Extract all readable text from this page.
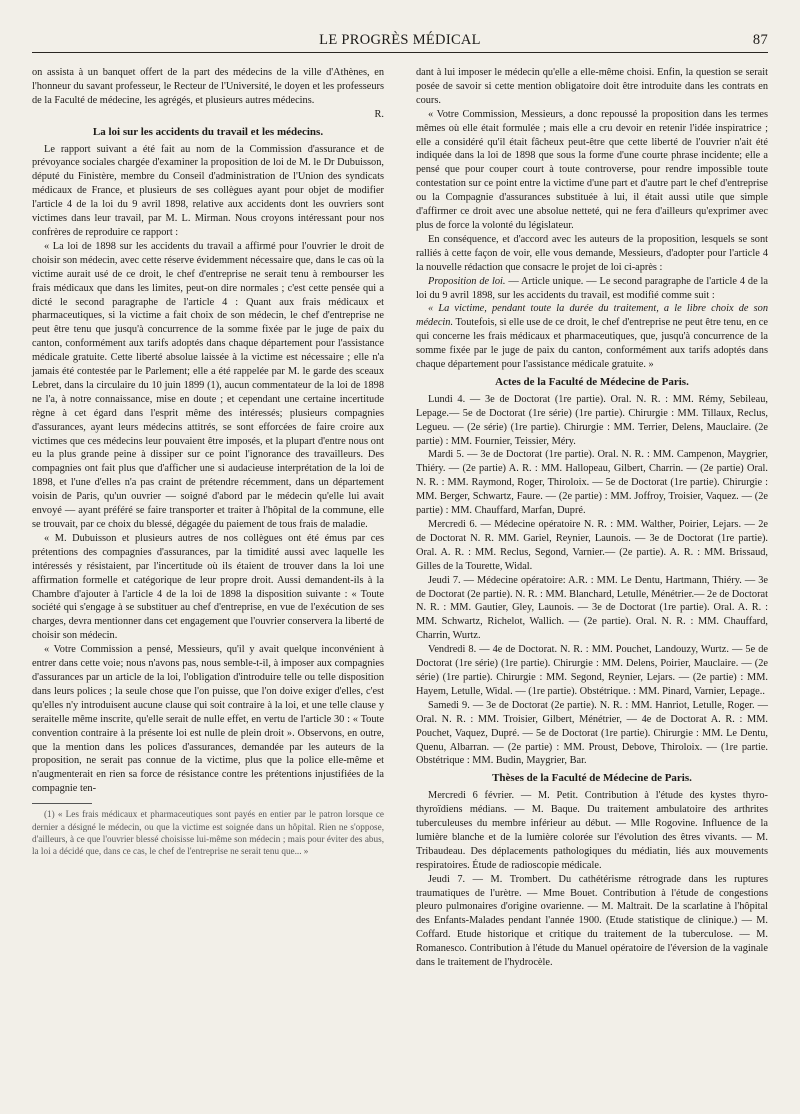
LE PROGRÈS MÉDICAL	87

on assista à un banquet offert de la part des médecins de la ville d'Athènes, en l'honneur du savant professeur, le Recteur de l'Université, le doyen et les professeurs de la Faculté de médecine, les agrégés, et plusieurs autres médecins.

R.

La loi sur les accidents du travail et les médecins.

Le rapport suivant a été fait au nom de la Commission d'assurance et de prévoyance sociales chargée d'examiner la proposition de loi de M. le Dr Dubuisson, député du Finistère, membre du Conseil d'administration de l'Union des syndicats médicaux de France, et plusieurs de ses collègues ayant pour objet de modifier l'article 4 de la loi du 9 avril 1898, relative aux accidents dont les ouvriers sont victimes dans leur travail, par M. L. Mirman. Nous croyons intéressant pour nos confrères de reproduire ce rapport :

« La loi de 1898 sur les accidents du travail a affirmé pour l'ouvrier le droit de choisir son médecin, avec cette réserve évidemment nécessaire que, dans le cas où la victime aurait usé de ce droit, le chef d'entreprise ne serait tenu à rembourser les frais médicaux que dans les limites, peut-on dire normales ; c'est cette pensée qui a dicté le second paragraphe de l'article 4 : Quant aux frais médicaux et pharmaceutiques, si la victime a fait choix de son médecin, le chef d'entreprise ne peut être tenu que jusqu'à concurrence de la somme fixée par le juge de paix du canton, conformément aux tarifs adoptés dans chaque département pour l'assistance médicale gratuite. Cette liberté absolue laissée à la victime est nécessaire ; elle n'a jamais été contestée par le Parlement; elle a été rappelée par M. le garde des sceaux Lebret, dans la circulaire du 10 juin 1899 (1), aucun commentateur de la loi de 1898 ne l'a, à notre connaissance, mise en doute ; et cependant une certaine incertitude règne à cet égard dans l'esprit même des intéressés; plusieurs compagnies d'assurances, ayant leurs médecins attitrés, se sont efforcées de faire croire aux victimes que ces médecins leur pouvaient être imposés, et la plupart d'entre nous ont eu la plus grande peine à dissiper sur ce point l'ignorance des travailleurs. Des compagnies ont fait plus que d'afficher une si audacieuse interprétation de la loi de 1898, et l'une d'elles n'a pas craint de prétendre récemment, dans un département voisin de Paris, qu'un ouvrier — soigné d'abord par le médecin qu'elle lui avait envoyé — ayant préféré se faire transporter et traiter à l'hôpital de la commune, elle se trouvait, par ce choix du blessé, dégagée du paiement de tous frais de maladie.

« M. Dubuisson et plusieurs autres de nos collègues ont été émus par ces prétentions des compagnies d'assurances, par la timidité aussi avec laquelle les intéressés y résistaient, par l'incertitude où ils étaient de trouver dans la loi une affirmation formelle et catégorique de leur propre droit. Aussi demandent-ils à la Chambre d'ajouter à l'article 4 de la loi de 1898 la disposition suivante : « Toute société qui s'engage à se substituer au chef d'entreprise, en vue de l'exécution de ses charges, devra mentionner dans cet engagement que l'ouvrier conservera la liberté de choisir son médecin.

« Votre Commission a pensé, Messieurs, qu'il y avait quelque inconvénient à entrer dans cette voie; nous n'avons pas, nous semble-t-il, à imposer aux compagnies d'assurances par un article de la loi, l'obligation d'introduire telle ou telle disposition dans leurs polices ; la seule chose que l'on puisse, que l'on doive exiger d'elles, c'est qu'elles n'y introduisent aucune clause qui soit contraire à la loi, et une telle clause y seraitelle même inscrite, qu'elle serait de nulle effet, en vertu de l'article 30 : « Toute convention contraire à la présente loi est nulle de plein droit ». Observons, en outre, que la mention dans les polices d'assurances, demandée par les auteurs de la proposition, ne serait pas connue de la victime, plus que la police elle-même et n'augmenterait en rien sa force de résistance contre les prétentions injustifiées de la compagnie ten-

(1) « Les frais médicaux et pharmaceutiques sont payés en entier par le patron lorsque ce dernier a désigné le médecin, ou que la victime est soignée dans un hôpital. Rien ne s'oppose, d'ailleurs, à ce que l'ouvrier blessé choisisse lui-même son médecin ; mais pour éviter des abus, la loi a décidé que, dans ce cas, le chef de l'entreprise ne serait tenu que... »

dant à lui imposer le médecin qu'elle a elle-même choisi. Enfin, la question se serait posée de savoir si cette mention obligatoire doit être introduite dans les contrats en cours.

« Votre Commission, Messieurs, a donc repoussé la proposition dans les termes mêmes où elle était formulée ; mais elle a cru devoir en retenir l'idée inspiratrice ; elle a considéré qu'il était fâcheux peut-être que cette liberté de l'ouvrier n'ait été indiquée dans la loi de 1898 que sous la forme d'une courte phrase incidente; elle a pensé que pour couper court à toute controverse, pour rendre impossible toute contestation sur ce point entre la victime d'une part et d'autre part le chef d'entreprise ou la Compagnie d'assurances substituée à lui, il était aussi utile que simple d'affirmer ce droit avec une absolue netteté, qui ne fera d'ailleurs qu'exprimer avec plus de force la volonté du législateur.

En conséquence, et d'accord avec les auteurs de la proposition, lesquels se sont ralliés à cette façon de voir, elle vous demande, Messieurs, d'adopter pour l'article 4 la nouvelle rédaction que consacre le projet de loi ci-après :

Proposition de loi. — Article unique. — Le second paragraphe de l'article 4 de la loi du 9 avril 1898, sur les accidents du travail, est modifié comme suit :

« La victime, pendant toute la durée du traitement, a le libre choix de son médecin. Toutefois, si elle use de ce droit, le chef d'entreprise ne peut être tenu, en ce qui concerne les frais médicaux et pharmaceutiques, que, jusqu'à concurrence de la somme fixée par le juge de paix du canton, conformément aux tarifs adoptés dans chaque département pour l'assistance médicale gratuite. »

Actes de la Faculté de Médecine de Paris.

Lundi 4. — 3e de Doctorat (1re partie). Oral. N. R. : MM. Rémy, Sebileau, Lepage.— 5e de Doctorat (1re série) (1re partie). Chirurgie : MM. Tillaux, Reclus, Legueu. — (2e série) (1re partie). Chirurgie : MM. Terrier, Delens, Mauclaire. (2e partie) : MM. Fournier, Teissier, Méry.

Mardi 5. — 3e de Doctorat (1re partie). Oral. N. R. : MM. Campenon, Maygrier, Thiéry. — (2e partie) A. R. : MM. Hallopeau, Gilbert, Charrin. — (2e partie) Oral. N. R. : MM. Raymond, Roger, Thiroloix. — 5e de Doctorat (1re partie). Chirurgie : MM. Berger, Schwartz, Faure. — (2e partie) : MM. Joffroy, Troisier, Vaquez. — (2e partie) : MM. Chauffard, Marfan, Dupré.

Mercredi 6. — Médecine opératoire N. R. : MM. Walther, Poirier, Lejars. — 2e de Doctorat N. R. MM. Gariel, Reynier, Launois. — 3e de Doctorat (1re partie). Oral. A. R. : MM. Reclus, Segond, Varnier.— (2e partie). A. R. : MM. Brissaud, Gilles de la Tourette, Widal.

Jeudi 7. — Médecine opératoire: A.R. : MM. Le Dentu, Hartmann, Thiéry. — 3e de Doctorat (2e partie). N. R. : MM. Blanchard, Letulle, Ménétrier.— 2e de Doctorat N. R. : MM. Gautier, Gley, Launois. — 3e de Doctorat (1re partie). Oral. A. R. : MM. Schwartz, Richelot, Wallich. — (2e partie). Oral. N. R. : MM. Chauffard, Charrin, Wurtz.

Vendredi 8. — 4e de Doctorat. N. R. : MM. Pouchet, Landouzy, Wurtz. — 5e de Doctorat (1re série) (1re partie). Chirurgie : MM. Delens, Poirier, Mauclaire. — (2e série) (1re partie). Chirurgie : MM. Segond, Reynier, Lejars. — (2e partie) : MM. Hayem, Letulle, Widal. — (1re partie). Obstétrique. : MM. Pinard, Varnier, Lepage..

Samedi 9. — 3e de Doctorat (2e partie). N. R. : MM. Hanriot, Letulle, Roger. — Oral. N. R. : MM. Troisier, Gilbert, Ménétrier, — 4e de Doctorat A. R. : MM. Pouchet, Vaquez, Dupré. — 5e de Doctorat (1re partie). Chirurgie : MM. Le Dentu, Quenu, Albarran. — (2e partie) : MM. Proust, Debove, Thiroloix. — (1re partie. Obstétrique : MM. Budin, Maygrier, Bar.

Thèses de la Faculté de Médecine de Paris.

Mercredi 6 février. — M. Petit. Contribution à l'étude des kystes thyro-thyroïdiens médians. — M. Baque. Du traitement ambulatoire des arthrites tuberculeuses du membre inférieur au début. — Mlle Rogovine. Influence de la lumière blanche et de la lumière colorée sur l'évolution des êtres vivants. — M. Tribaudeau. Des déplacements pathologiques du médiatin, liés aux mouvements respiratoires. Étude de radioscopie médicale.

Jeudi 7. — M. Trombert. Du cathétérisme rétrograde dans les ruptures traumatiques de l'urètre. — Mme Bouet. Contribution à l'étude de congestions pleuro pulmonaires d'origine ovarienne. — M. Maltrait. De la scarlatine à l'hôpital des Enfants-Malades pendant l'année 1900. (Etude statistique de clinique.) — M. Coffard. Etude historique et critique du traitement de la tuberculose. — M. Romanesco. Contribution à l'étude du Manuel opératoire de l'éversion de la vaginale dans le traitement de l'hydrocèle.
